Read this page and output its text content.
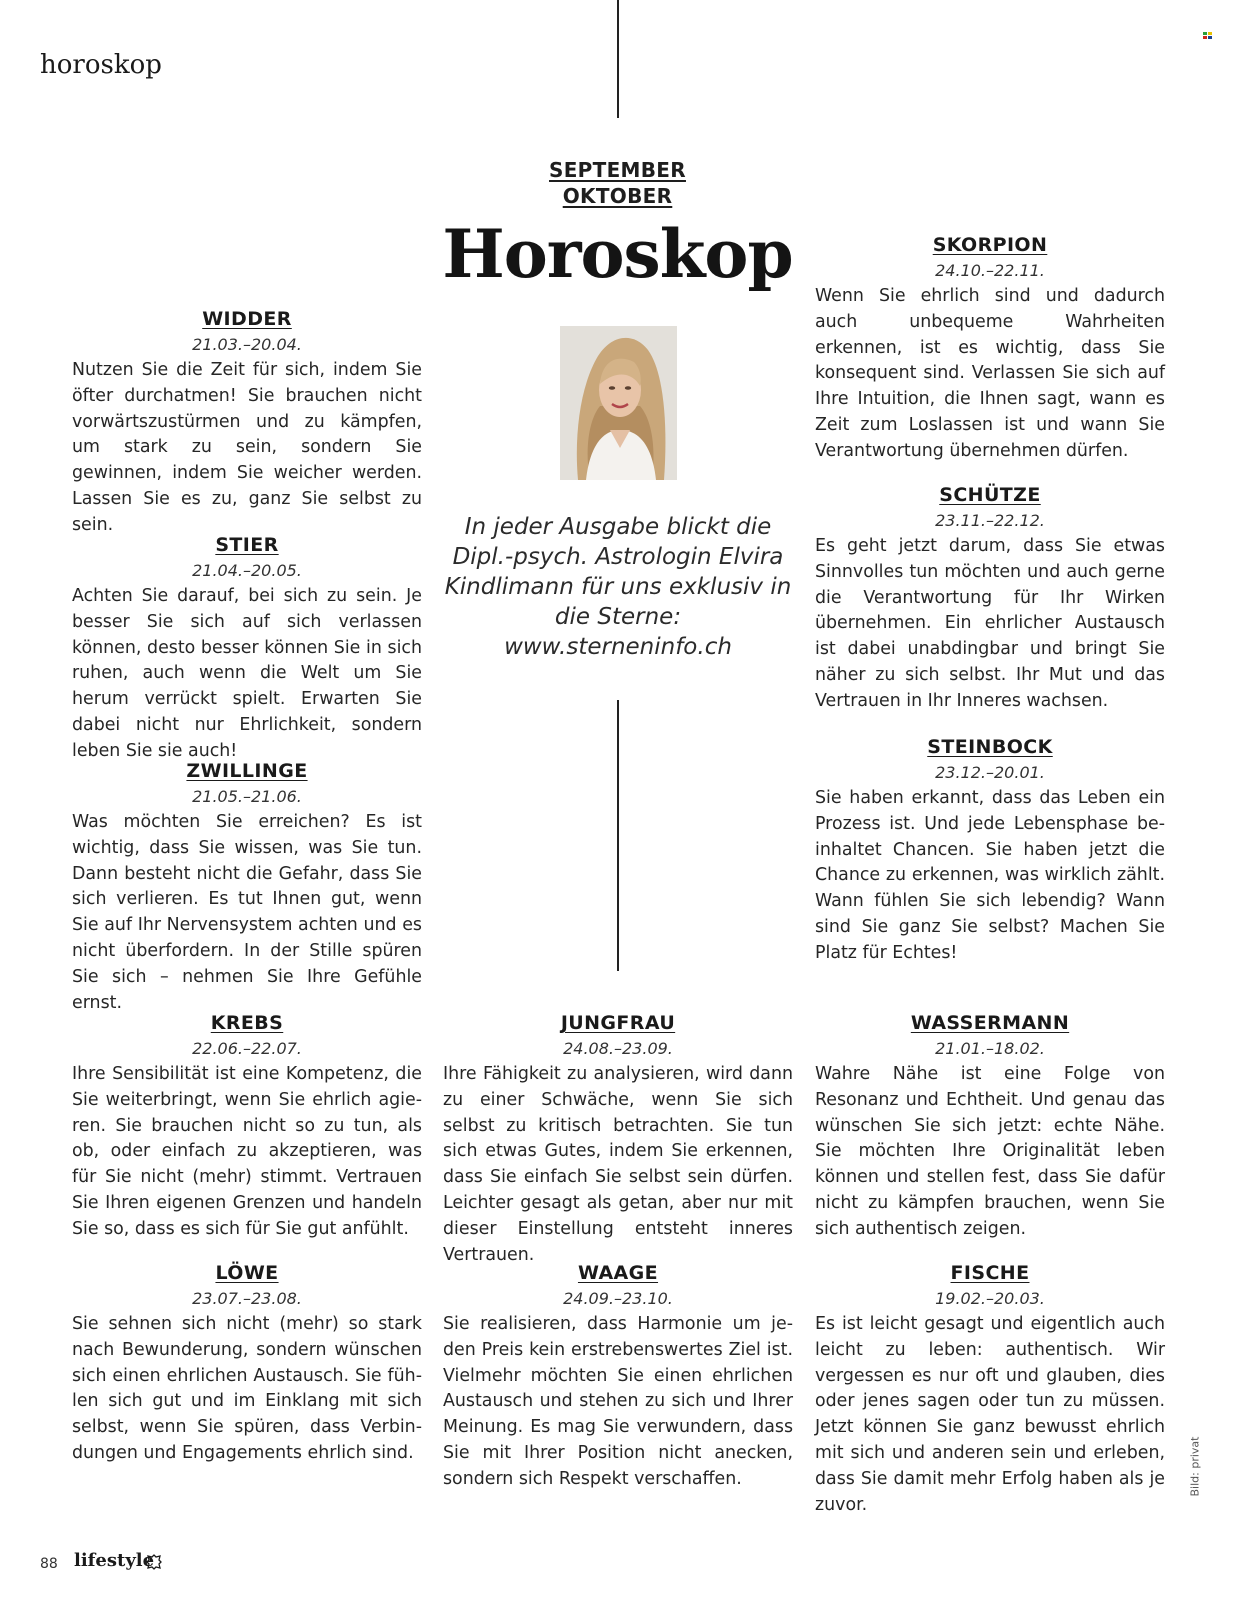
horoskop
SEPTEMBER
OKTOBER
Horoskop
In jeder Ausgabe blickt die Dipl.-psych. Astrologin Elvira Kindlimann für uns exklusiv in die Sterne: www.sterneninfo.ch
WIDDER
21.03.–20.04.
Nutzen Sie die Zeit für sich, indem Sie öfter durchatmen! Sie brauchen nicht vorwärtszustürmen und zu kämpfen, um stark zu sein, sondern Sie gewinnen, indem Sie weicher werden. Lassen Sie es zu, ganz Sie selbst zu sein.
STIER
21.04.–20.05.
Achten Sie darauf, bei sich zu sein. Je besser Sie sich auf sich verlassen können, desto besser können Sie in sich ruhen, auch wenn die Welt um Sie herum verrückt spielt. Erwarten Sie dabei nicht nur Ehrlichkeit, sondern leben Sie sie auch!
ZWILLINGE
21.05.–21.06.
Was möchten Sie erreichen? Es ist wichtig, dass Sie wissen, was Sie tun. Dann besteht nicht die Gefahr, dass Sie sich verlieren. Es tut Ihnen gut, wenn Sie auf Ihr Nervensystem achten und es nicht überfordern. In der Stille spüren Sie sich – nehmen Sie Ihre Gefühle ernst.
KREBS
22.06.–22.07.
Ihre Sensibilität ist eine Kompetenz, die Sie weiterbringt, wenn Sie ehrlich agieren. Sie brauchen nicht so zu tun, als ob, oder einfach zu akzeptieren, was für Sie nicht (mehr) stimmt. Vertrauen Sie Ihren eigenen Grenzen und handeln Sie so, dass es sich für Sie gut anfühlt.
LÖWE
23.07.–23.08.
Sie sehnen sich nicht (mehr) so stark nach Bewunderung, sondern wünschen sich einen ehrlichen Austausch. Sie fühlen sich gut und im Einklang mit sich selbst, wenn Sie spüren, dass Verbindungen und Engagements ehrlich sind.
JUNGFRAU
24.08.–23.09.
Ihre Fähigkeit zu analysieren, wird dann zu einer Schwäche, wenn Sie sich selbst zu kritisch betrachten. Sie tun sich etwas Gutes, indem Sie erkennen, dass Sie einfach Sie selbst sein dürfen. Leichter gesagt als getan, aber nur mit dieser Einstellung entsteht inneres Vertrauen.
WAAGE
24.09.–23.10.
Sie realisieren, dass Harmonie um jeden Preis kein erstrebenswertes Ziel ist. Vielmehr möchten Sie einen ehrlichen Austausch und stehen zu sich und Ihrer Meinung. Es mag Sie verwundern, dass Sie mit Ihrer Position nicht anecken, sondern sich Respekt verschaffen.
SKORPION
24.10.–22.11.
Wenn Sie ehrlich sind und dadurch auch unbequeme Wahrheiten erkennen, ist es wichtig, dass Sie konsequent sind. Verlassen Sie sich auf Ihre Intuition, die Ihnen sagt, wann es Zeit zum Loslassen ist und wann Sie Verantwortung übernehmen dürfen.
SCHÜTZE
23.11.–22.12.
Es geht jetzt darum, dass Sie etwas Sinnvolles tun möchten und auch gerne die Verantwortung für Ihr Wirken übernehmen. Ein ehrlicher Austausch ist dabei unabdingbar und bringt Sie näher zu sich selbst. Ihr Mut und das Vertrauen in Ihr Inneres wachsen.
STEINBOCK
23.12.–20.01.
Sie haben erkannt, dass das Leben ein Prozess ist. Und jede Lebensphase beinhaltet Chancen. Sie haben jetzt die Chance zu erkennen, was wirklich zählt. Wann fühlen Sie sich lebendig? Wann sind Sie ganz Sie selbst? Machen Sie Platz für Echtes!
WASSERMANN
21.01.–18.02.
Wahre Nähe ist eine Folge von Resonanz und Echtheit. Und genau das wünschen Sie sich jetzt: echte Nähe. Sie möchten Ihre Originalität leben können und stellen fest, dass Sie dafür nicht zu kämpfen brauchen, wenn Sie sich authentisch zeigen.
FISCHE
19.02.–20.03.
Es ist leicht gesagt und eigentlich auch leicht zu leben: authentisch. Wir vergessen es nur oft und glauben, dies oder jenes sagen oder tun zu müssen. Jetzt können Sie ganz bewusst ehrlich mit sich und anderen sein und erleben, dass Sie damit mehr Erfolg haben als je zuvor.
Bild: privat
88 lifestyle
